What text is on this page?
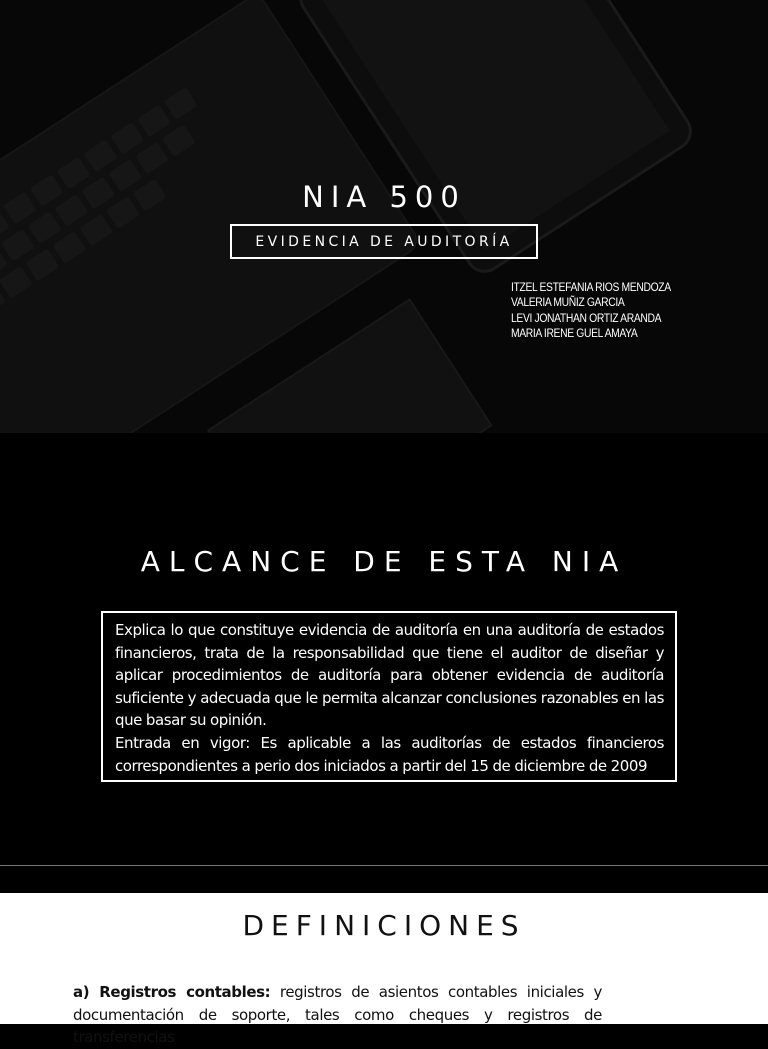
NIA 500
EVIDENCIA DE AUDITORÍA
ITZEL ESTEFANIA RIOS MENDOZA
VALERIA MUÑIZ GARCIA
LEVI JONATHAN ORTIZ ARANDA
MARIA IRENE GUEL AMAYA
ALCANCE DE ESTA NIA

Explica lo que constituye evidencia de auditoría en una auditoría de estados financieros, trata de la responsabilidad que tiene el auditor de diseñar y aplicar procedimientos de auditoría para obtener evidencia de auditoría suficiente y adecuada que le permita alcanzar conclusiones razonables en las que basar su opinión.

Entrada en vigor: Es aplicable a las auditorías de estados financieros correspondientes a perio dos iniciados a partir del 15 de diciembre de 2009

DEFINICIONES
a) Registros contables: registros de asientos contables iniciales y documentación de soporte, tales como cheques y registros de transferencias
